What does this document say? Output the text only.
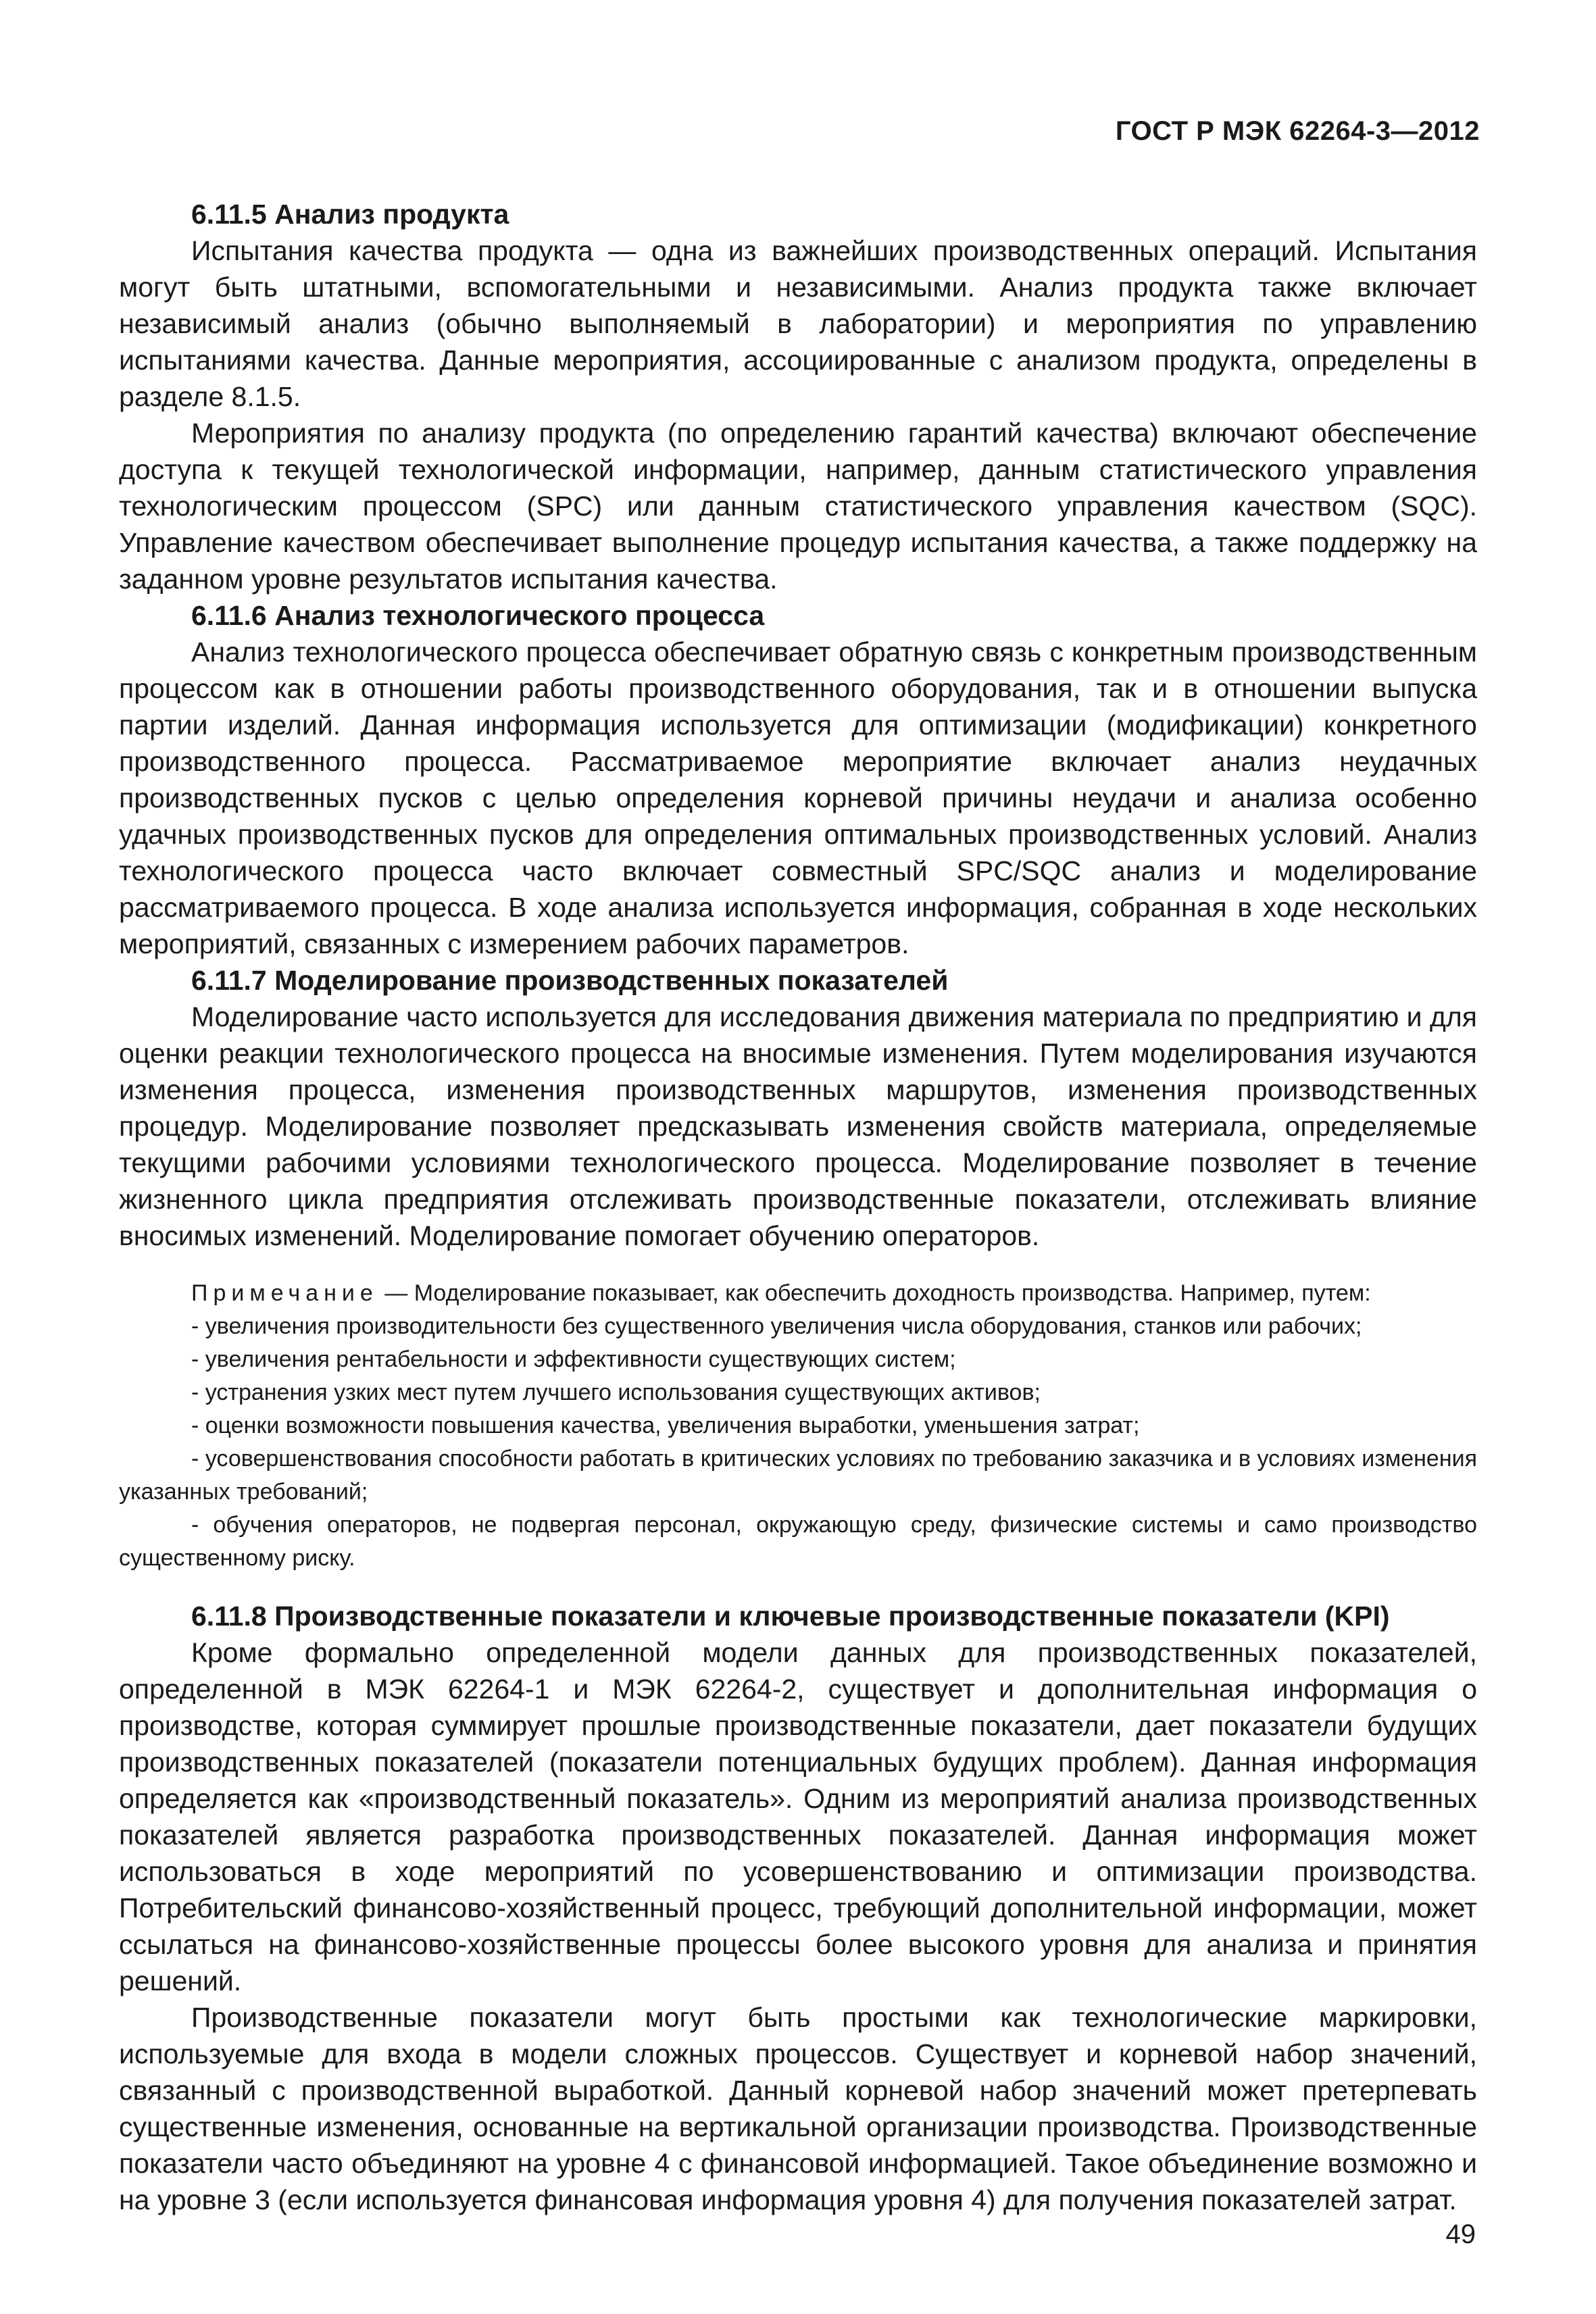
ГОСТ Р МЭК 62264-3—2012

6.11.5 Анализ продукта

Испытания качества продукта — одна из важнейших производственных операций. Испытания могут быть штатными, вспомогательными и независимыми. Анализ продукта также включает независимый анализ (обычно выполняемый в лаборатории) и мероприятия по управлению испытаниями качества. Данные мероприятия, ассоциированные с анализом продукта, определены в разделе 8.1.5.

Мероприятия по анализу продукта (по определению гарантий качества) включают обеспечение доступа к текущей технологической информации, например, данным статистического управления технологическим процессом (SPC) или данным статистического управления качеством (SQC). Управление качеством обеспечивает выполнение процедур испытания качества, а также поддержку на заданном уровне результатов испытания качества.

6.11.6 Анализ технологического процесса

Анализ технологического процесса обеспечивает обратную связь с конкретным производственным процессом как в отношении работы производственного оборудования, так и в отношении выпуска партии изделий. Данная информация используется для оптимизации (модификации) конкретного производственного процесса. Рассматриваемое мероприятие включает анализ неудачных производственных пусков с целью определения корневой причины неудачи и анализа особенно удачных производственных пусков для определения оптимальных производственных условий. Анализ технологического процесса часто включает совместный SPC/SQC анализ и моделирование рассматриваемого процесса. В ходе анализа используется информация, собранная в ходе нескольких мероприятий, связанных с измерением рабочих параметров.

6.11.7 Моделирование производственных показателей

Моделирование часто используется для исследования движения материала по предприятию и для оценки реакции технологического процесса на вносимые изменения. Путем моделирования изучаются изменения процесса, изменения производственных маршрутов, изменения производственных процедур. Моделирование позволяет предсказывать изменения свойств материала, определяемые текущими рабочими условиями технологического процесса. Моделирование позволяет в течение жизненного цикла предприятия отслеживать производственные показатели, отслеживать влияние вносимых изменений. Моделирование помогает обучению операторов.

Примечание — Моделирование показывает, как обеспечить доходность производства. Например, путем:

- увеличения производительности без существенного увеличения числа оборудования, станков или рабочих;

- увеличения рентабельности и эффективности существующих систем;

- устранения узких мест путем лучшего использования существующих активов;

- оценки возможности повышения качества, увеличения выработки, уменьшения затрат;

- усовершенствования способности работать в критических условиях по требованию заказчика и в условиях изменения указанных требований;

- обучения операторов, не подвергая персонал, окружающую среду, физические системы и само производство существенному риску.

6.11.8 Производственные показатели и ключевые производственные показатели (KPI)

Кроме формально определенной модели данных для производственных показателей, определенной в МЭК 62264-1 и МЭК 62264-2, существует и дополнительная информация о производстве, которая суммирует прошлые производственные показатели, дает показатели будущих производственных показателей (показатели потенциальных будущих проблем). Данная информация определяется как «производственный показатель». Одним из мероприятий анализа производственных показателей является разработка производственных показателей. Данная информация может использоваться в ходе мероприятий по усовершенствованию и оптимизации производства. Потребительский финансово-хозяйственный процесс, требующий дополнительной информации, может ссылаться на финансово-хозяйственные процессы более высокого уровня для анализа и принятия решений.

Производственные показатели могут быть простыми как технологические маркировки, используемые для входа в модели сложных процессов. Существует и корневой набор значений, связанный с производственной выработкой. Данный корневой набор значений может претерпевать существенные изменения, основанные на вертикальной организации производства. Производственные показатели часто объединяют на уровне 4 с финансовой информацией. Такое объединение возможно и на уровне 3 (если используется финансовая информация уровня 4) для получения показателей затрат.

49
